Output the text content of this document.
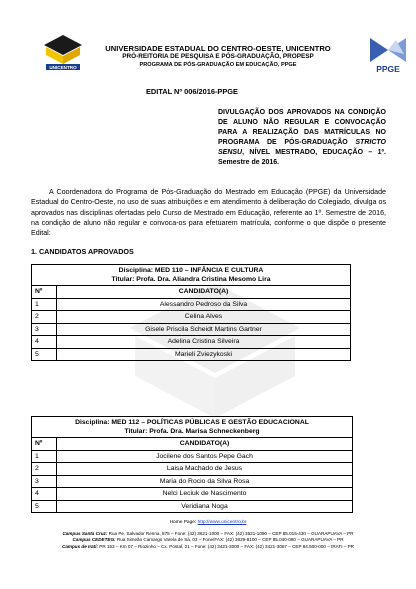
UNICENTRO
UNIVERSIDADE ESTADUAL DO CENTRO-OESTE, UNICENTRO
PRÓ-REITORIA DE PESQUISA E PÓS-GRADUAÇÃO, PROPESP
PROGRAMA DE PÓS-GRADUAÇÃO EM EDUCAÇÃO, PPGE	PPGE
EDITAL Nº 006/2016-PPGE
DIVULGAÇÃO DOS APROVADOS NA CONDIÇÃO DE ALUNO NÃO REGULAR E CONVOCAÇÃO PARA A REALIZAÇÃO DAS MATRÍCULAS NO PROGRAMA DE PÓS-GRADUAÇÃO STRICTO SENSU, NÍVEL MESTRADO, EDUCAÇÃO – 1º. Semestre de 2016.
A Coordenadora do Programa de Pós-Graduação do Mestrado em Educação (PPGE) da Universidade Estadual do Centro-Oeste, no uso de suas atribuições e em atendimento à deliberação do Colegiado, divulga os aprovados nas disciplinas ofertadas pelo Curso de Mestrado em Educação, referente ao 1º. Semestre de 2016, na condição de aluno não regular e convoca-os para efetuarem matrícula, conforme o que dispõe o presente Edital:
1. CANDIDATOS APROVADOS
Disciplina: MED 110 – INFÂNCIA E CULTURA
Titular: Profa. Dra. Aliandra Cristina Mesomo Lira	

Nº	CANDIDATO(A)
1	Alessandro Pedroso da Silva
2	Celina Alves
3	Gisele Priscila Scheidt Martins Gartner
4	Adelina Cristina Silveira
5	Marieli Zviezykoski
Disciplina: MED 112 – POLÍTICAS PÚBLICAS E GESTÃO EDUCACIONAL
Titular: Profa. Dra. Marisa Schneckenberg	

Nº	CANDIDATO(A)
1	Jocilene dos Santos Pepe Gach
2	Laisa Machado de Jesus
3	Maria do Rocio da Silva Rosa
4	Nelci Leciuk de Nascimento
5	Veridiana Noga
Home Page: http://www.unicentro.br
Campus Santa Cruz: Rua Pe. Salvador Renna, 875 – Fone: (42) 3621-1000 – FAX: (42) 3621-1090 – CEP 85.015-430 – GUARAPUAVA – PR
Campus CEDETEG: Rua Simeão Camargo Varela de Sá, 03 – Fone/FAX: (42) 3629-8100 – CEP 85.040-080 – GUARAPUAVA – PR
Campus de Irati: PR 153 – Km 07 – Riozinho – Cx. Postal, 21 – Fone: (42) 3421-3000 – FAX: (42) 3421-3067 – CEP 84.500-000 – IRATI – PR
